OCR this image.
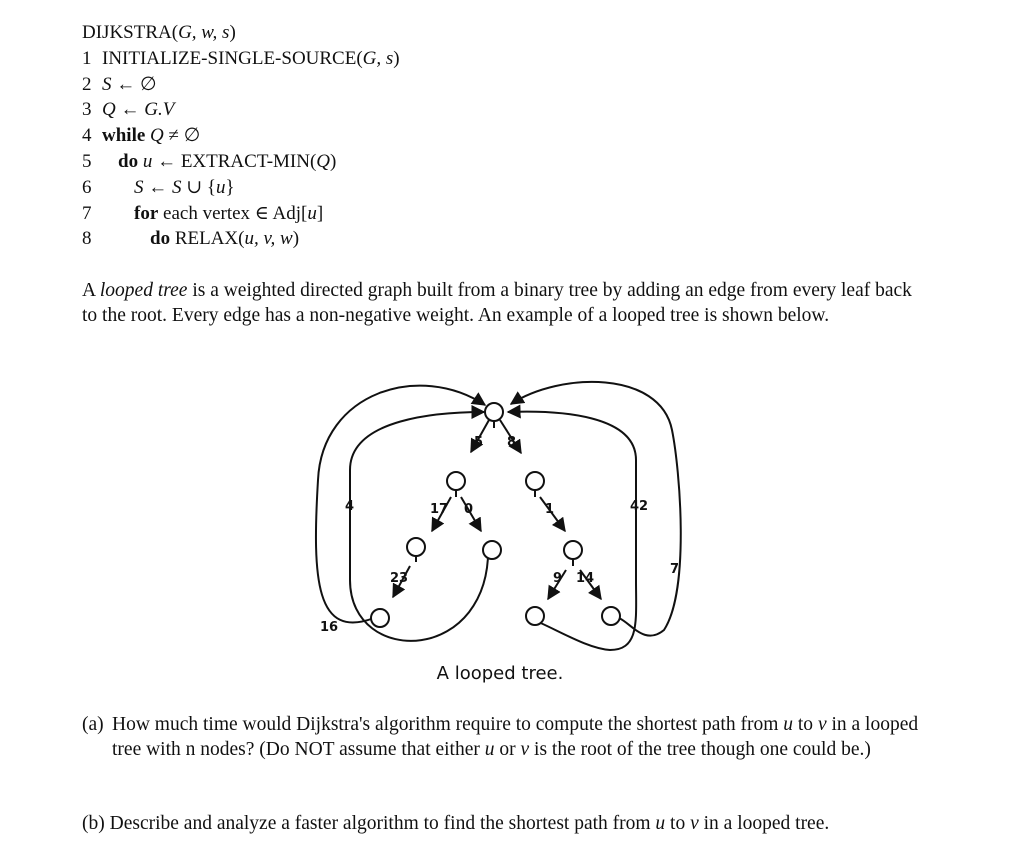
DIJKSTRA(G, w, s)
1 INITIALIZE-SINGLE-SOURCE(G, s)
2 S ← ∅
3 Q ← G.V
4 while Q ≠ ∅
5 do u ← EXTRACT-MIN(Q)
6 S ← S ∪ {u}
7 for each vertex ∈ Adj[u]
8	do RELAX(u, v, w)
A looped tree is a weighted directed graph built from a binary tree by adding an edge from every leaf back to the root. Every edge has a non-negative weight. An example of a looped tree is shown below.
5 8
17 0	1
23	9 14
4
16
42
7
A looped tree.
(a) How much time would Dijkstra's algorithm require to compute the shortest path from u to v in a looped tree with n nodes? (Do NOT assume that either u or v is the root of the tree though one could be.)
(b) Describe and analyze a faster algorithm to find the shortest path from u to v in a looped tree.
